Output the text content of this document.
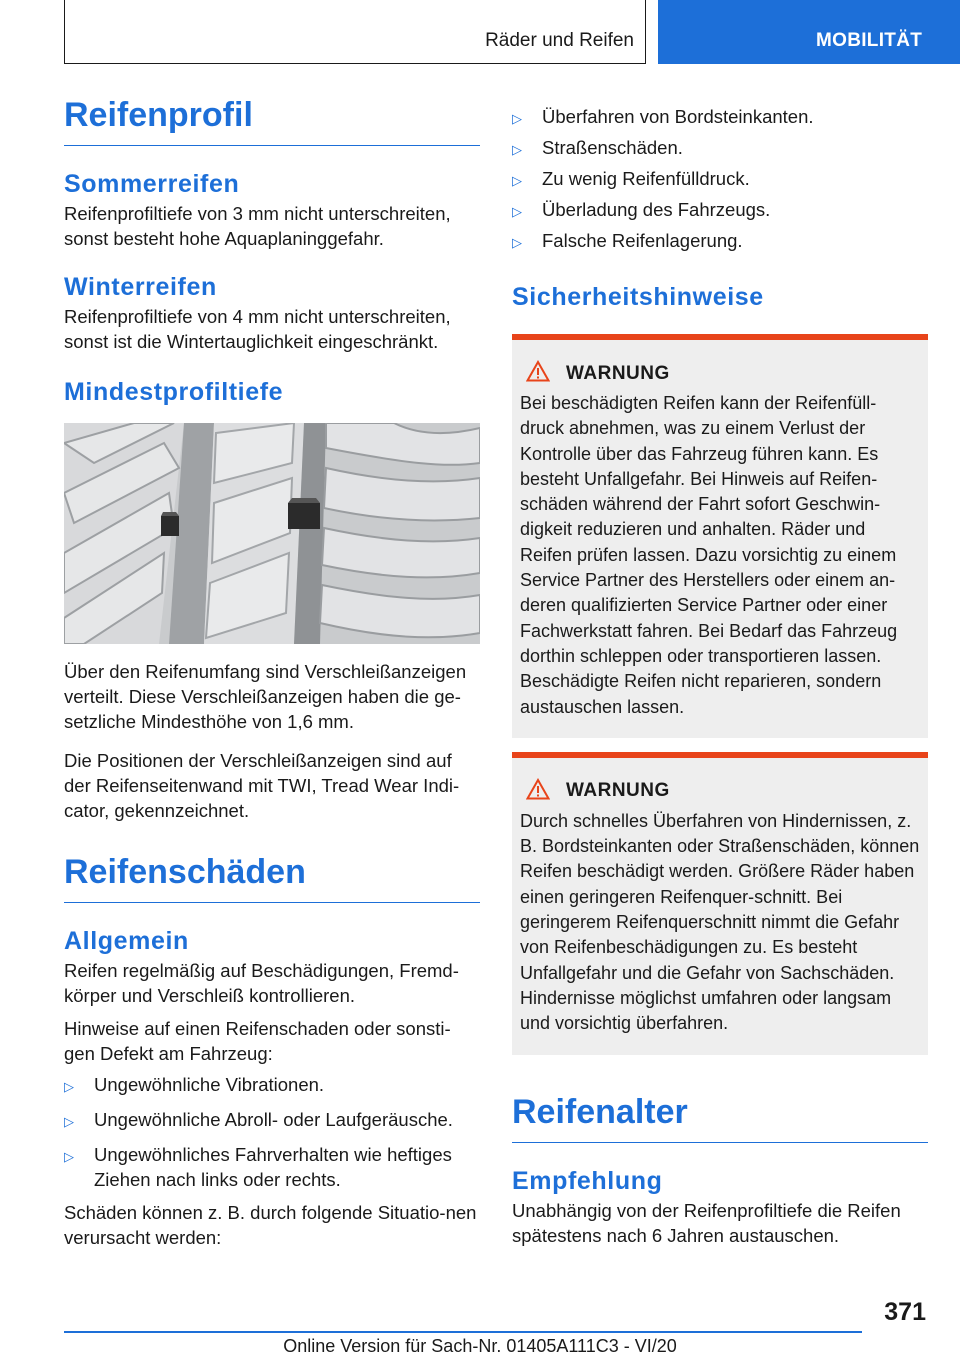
Räder und Reifen	MOBILITÄT
Reifenprofil
Sommerreifen

Reifenprofiltiefe von 3 mm nicht unterschreiten, sonst besteht hohe Aquaplaninggefahr.

Winterreifen

Reifenprofiltiefe von 4 mm nicht unterschreiten, sonst ist die Wintertauglichkeit eingeschränkt.

Mindestprofiltiefe

Über den Reifenumfang sind Verschleißanzeigen verteilt. Diese Verschleißanzeigen haben die ge-setzliche Mindesthöhe von 1,6 mm.

Die Positionen der Verschleißanzeigen sind auf der Reifenseitenwand mit TWI, Tread Wear Indi-cator, gekennzeichnet.

Reifenschäden
Allgemein

Reifen regelmäßig auf Beschädigungen, Fremd-körper und Verschleiß kontrollieren.

Hinweise auf einen Reifenschaden oder sonsti-gen Defekt am Fahrzeug:

▷ Ungewöhnliche Vibrationen.
▷ Ungewöhnliche Abroll- oder Laufgeräusche.
▷ Ungewöhnliches Fahrverhalten wie heftiges Ziehen nach links oder rechts.

Schäden können z. B. durch folgende Situatio-nen verursacht werden:

▷ Überfahren von Bordsteinkanten.
▷ Straßenschäden.
▷ Zu wenig Reifenfülldruck.
▷ Überladung des Fahrzeugs.
▷ Falsche Reifenlagerung.
Sicherheitshinweise
WARNUNG

Bei beschädigten Reifen kann der Reifenfüll-druck abnehmen, was zu einem Verlust der Kontrolle über das Fahrzeug führen kann. Es besteht Unfallgefahr. Bei Hinweis auf Reifen-schäden während der Fahrt sofort Geschwin-digkeit reduzieren und anhalten. Räder und Reifen prüfen lassen. Dazu vorsichtig zu einem Service Partner des Herstellers oder einem an-deren qualifizierten Service Partner oder einer Fachwerkstatt fahren. Bei Bedarf das Fahrzeug dorthin schleppen oder transportieren lassen. Beschädigte Reifen nicht reparieren, sondern austauschen lassen.

WARNUNG

Durch schnelles Überfahren von Hindernissen, z. B. Bordsteinkanten oder Straßenschäden, können Reifen beschädigt werden. Größere Räder haben einen geringeren Reifenquer-schnitt. Bei geringerem Reifenquerschnitt nimmt die Gefahr von Reifenbeschädigungen zu. Es besteht Unfallgefahr und die Gefahr von Sachschäden. Hindernisse möglichst umfahren oder langsam und vorsichtig überfahren.

Reifenalter
Empfehlung

Unabhängig von der Reifenprofiltiefe die Reifen spätestens nach 6 Jahren austauschen.

371
Online Version für Sach-Nr. 01405A111C3 - VI/20
